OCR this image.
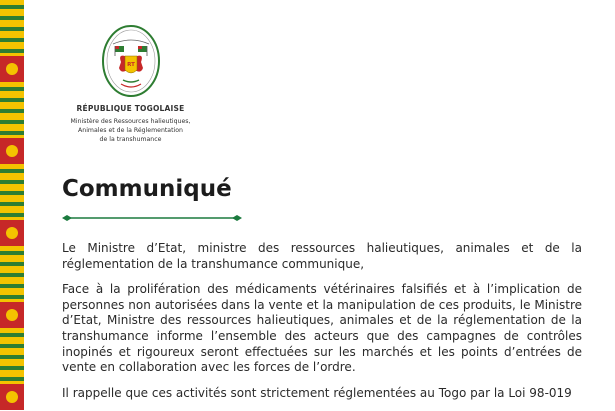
RT
RÉPUBLIQUE TOGOLAISE
Ministère des Ressources halieutiques,
Animales et de la Réglementation
de la transhumance
Communiqué

Le Ministre d’Etat, ministre des ressources halieutiques, animales et de la réglementation de la transhumance communique,

Face à la prolifération des médicaments vétérinaires falsifiés et à l’implication de personnes non autorisées dans la vente et la manipulation de ces produits, le Ministre d’Etat, Ministre des ressources halieutiques, animales et de la réglementation de la transhumance informe l’ensemble des acteurs que des campagnes de contrôles inopinés et rigoureux seront effectuées sur les marchés et les points d’entrées de vente en collaboration avec les forces de l’ordre.

Il rappelle que ces activités sont strictement réglementées au Togo par la Loi 98-019
